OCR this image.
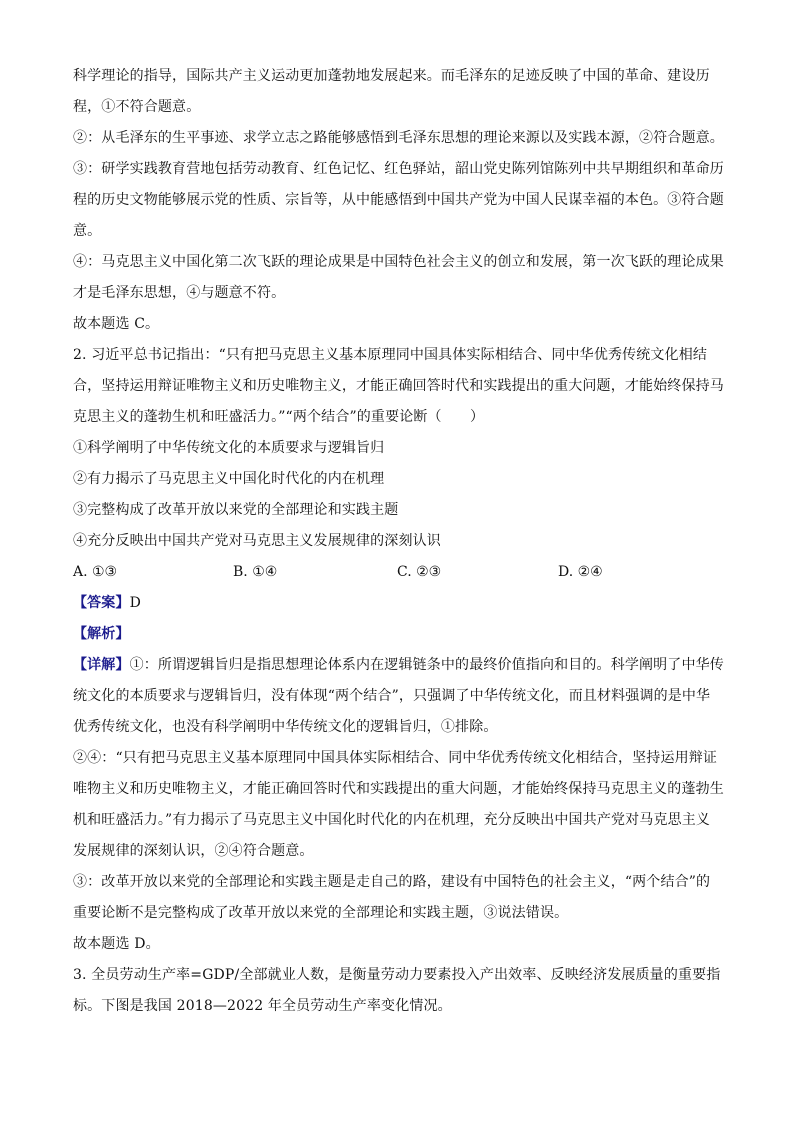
科学理论的指导，国际共产主义运动更加蓬勃地发展起来。而毛泽东的足迹反映了中国的革命、建设历
程，①不符合题意。
②：从毛泽东的生平事迹、求学立志之路能够感悟到毛泽东思想的理论来源以及实践本源，②符合题意。
③：研学实践教育营地包括劳动教育、红色记忆、红色驿站，韶山党史陈列馆陈列中共早期组织和革命历
程的历史文物能够展示党的性质、宗旨等，从中能感悟到中国共产党为中国人民谋幸福的本色。③符合题
意。
④：马克思主义中国化第二次飞跃的理论成果是中国特色社会主义的创立和发展，第一次飞跃的理论成果
才是毛泽东思想，④与题意不符。
故本题选 C。
2. 习近平总书记指出：“只有把马克思主义基本原理同中国具体实际相结合、同中华优秀传统文化相结
合，坚持运用辩证唯物主义和历史唯物主义，才能正确回答时代和实践提出的重大问题，才能始终保持马
克思主义的蓬勃生机和旺盛活力。”“两个结合”的重要论断（　　）
①科学阐明了中华传统文化的本质要求与逻辑旨归
②有力揭示了马克思主义中国化时代化的内在机理
③完整构成了改革开放以来党的全部理论和实践主题
④充分反映出中国共产党对马克思主义发展规律的深刻认识
A. ①③	B. ①④	C. ②③	D. ②④
【答案】D
【解析】
【详解】①：所谓逻辑旨归是指思想理论体系内在逻辑链条中的最终价值指向和目的。科学阐明了中华传
统文化的本质要求与逻辑旨归，没有体现“两个结合”，只强调了中华传统文化，而且材料强调的是中华
优秀传统文化，也没有科学阐明中华传统文化的逻辑旨归，①排除。
②④：“只有把马克思主义基本原理同中国具体实际相结合、同中华优秀传统文化相结合，坚持运用辩证
唯物主义和历史唯物主义，才能正确回答时代和实践提出的重大问题，才能始终保持马克思主义的蓬勃生
机和旺盛活力。”有力揭示了马克思主义中国化时代化的内在机理，充分反映出中国共产党对马克思主义
发展规律的深刻认识，②④符合题意。
③：改革开放以来党的全部理论和实践主题是走自己的路，建设有中国特色的社会主义，“两个结合”的
重要论断不是完整构成了改革开放以来党的全部理论和实践主题，③说法错误。
故本题选 D。
3. 全员劳动生产率=GDP/全部就业人数，是衡量劳动力要素投入产出效率、反映经济发展质量的重要指
标。下图是我国 2018—2022 年全员劳动生产率变化情况。
